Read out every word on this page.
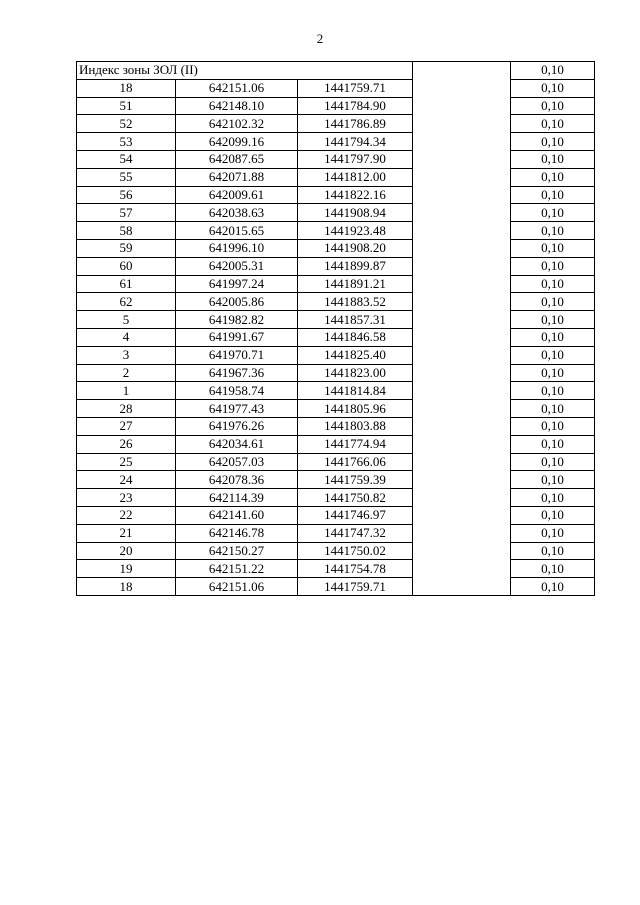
2
Индекс зоны ЗОЛ (II)				0,10
18	642151.06	1441759.71		0,10
51	642148.10	1441784.90		0,10
52	642102.32	1441786.89		0,10
53	642099.16	1441794.34		0,10
54	642087.65	1441797.90		0,10
55	642071.88	1441812.00		0,10
56	642009.61	1441822.16		0,10
57	642038.63	1441908.94		0,10
58	642015.65	1441923.48		0,10
59	641996.10	1441908.20		0,10
60	642005.31	1441899.87		0,10
61	641997.24	1441891.21		0,10
62	642005.86	1441883.52		0,10
5	641982.82	1441857.31		0,10
4	641991.67	1441846.58		0,10
3	641970.71	1441825.40		0,10
2	641967.36	1441823.00		0,10
1	641958.74	1441814.84		0,10
28	641977.43	1441805.96		0,10
27	641976.26	1441803.88		0,10
26	642034.61	1441774.94		0,10
25	642057.03	1441766.06		0,10
24	642078.36	1441759.39		0,10
23	642114.39	1441750.82		0,10
22	642141.60	1441746.97		0,10
21	642146.78	1441747.32		0,10
20	642150.27	1441750.02		0,10
19	642151.22	1441754.78		0,10
18	642151.06	1441759.71		0,10
